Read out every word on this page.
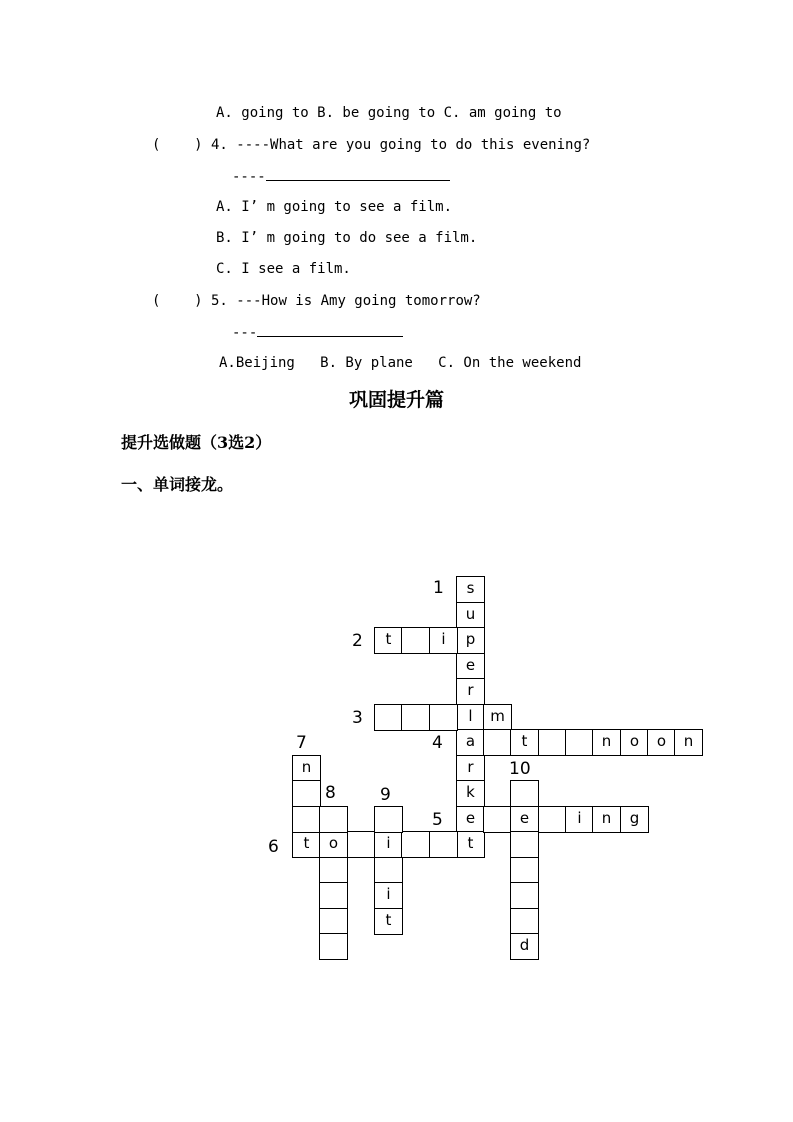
A. going to B. be going to C. am going to
(    ) 4. ----What are you going to do this evening?
----
A. I’ m going to see a film.
B. I’ m going to do see a film.
C. I see a film.
(    ) 5. ---How is Amy going tomorrow?
---
A.Beijing   B. By plane   C. On the weekend
巩固提升篇
提升选做题（3选2）
一、单词接龙。
s
u
p
e
r
l
a
r
k
e
t
t	i
m
t	n	o	o	n
e	i	n	g
t	o	i
n
i
t
d
1
2
3
4
5
6
7
8	9
10
